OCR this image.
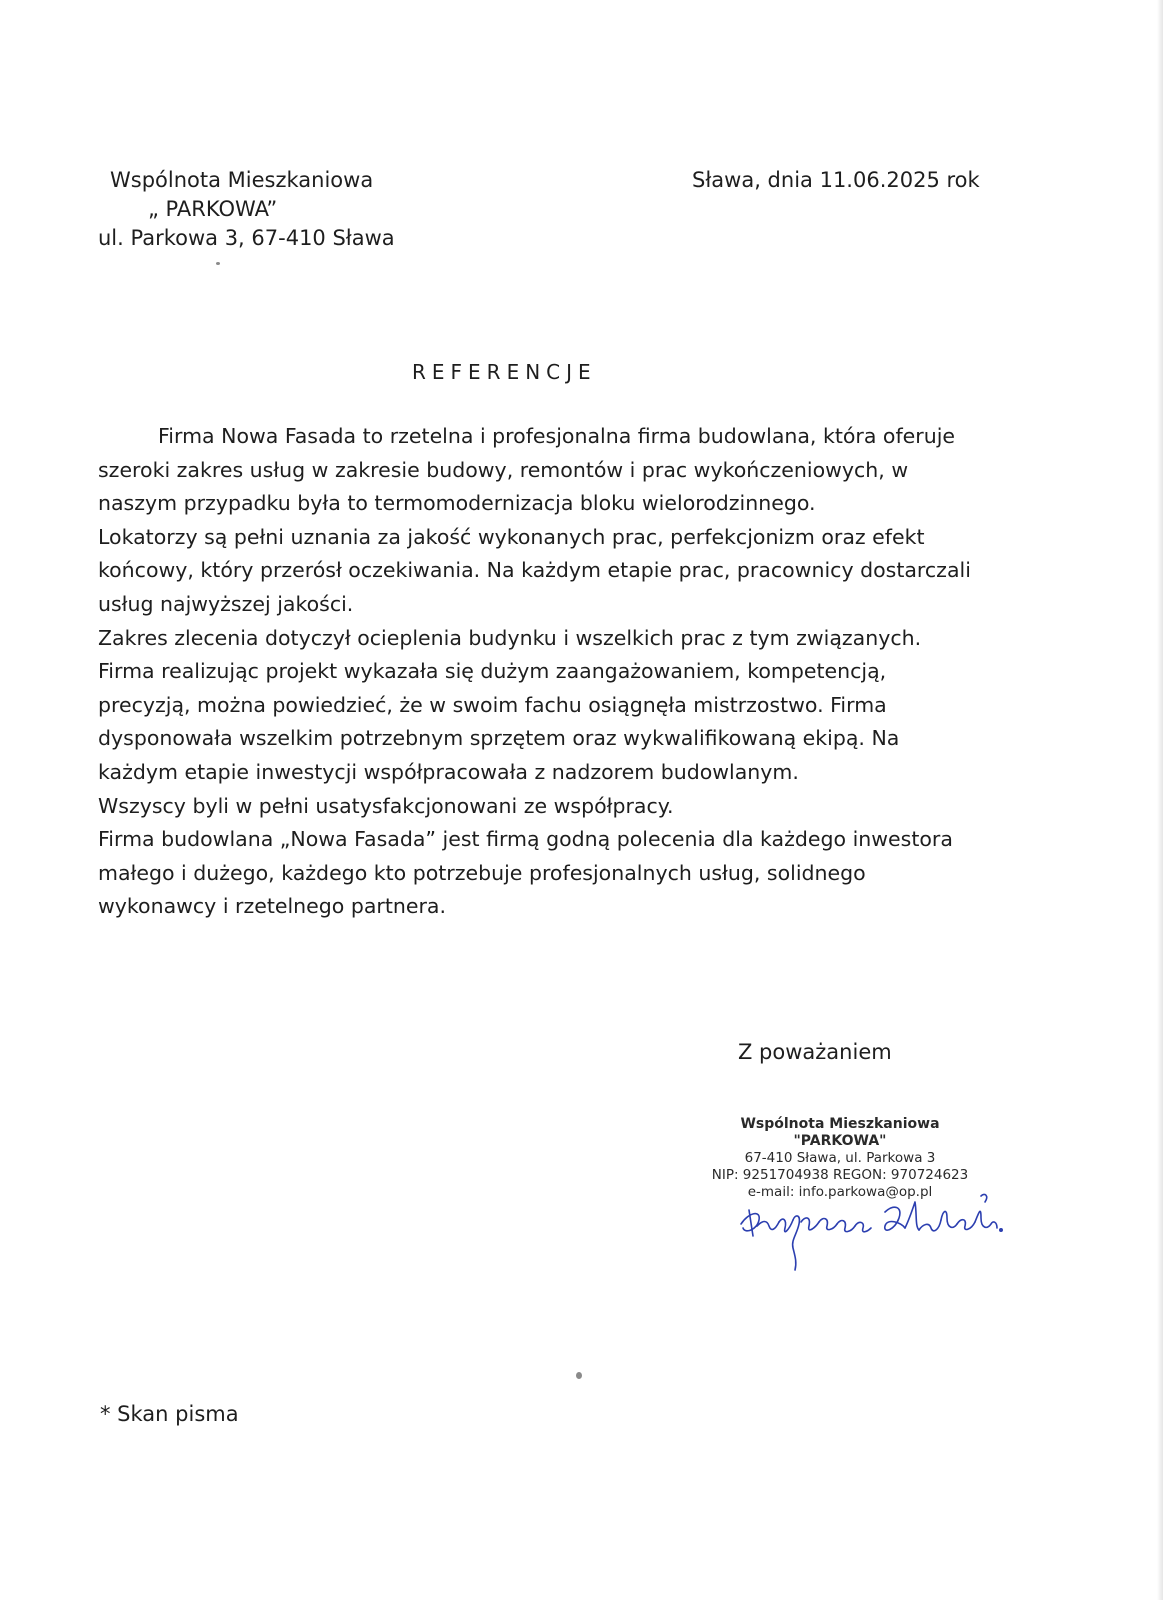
Wspólnota Mieszkaniowa
„ PARKOWA”
ul. Parkowa 3, 67-410 Sława
Sława, dnia 11.06.2025 rok
REFERENCJE
Firma Nowa Fasada to rzetelna i profesjonalna firma budowlana, która oferuje
szeroki zakres usług w zakresie budowy, remontów i prac wykończeniowych, w
naszym przypadku była to termomodernizacja bloku wielorodzinnego.
Lokatorzy są pełni uznania za jakość wykonanych prac, perfekcjonizm oraz efekt
końcowy, który przerósł oczekiwania. Na każdym etapie prac, pracownicy dostarczali
usług najwyższej jakości.
Zakres zlecenia dotyczył ocieplenia budynku i wszelkich prac z tym związanych.
Firma realizując projekt wykazała się dużym zaangażowaniem, kompetencją,
precyzją, można powiedzieć, że w swoim fachu osiągnęła mistrzostwo. Firma
dysponowała wszelkim potrzebnym sprzętem oraz wykwalifikowaną ekipą. Na
każdym etapie inwestycji współpracowała z nadzorem budowlanym.
Wszyscy byli w pełni usatysfakcjonowani ze współpracy.
Firma budowlana „Nowa Fasada” jest firmą godną polecenia dla każdego inwestora
małego i dużego, każdego kto potrzebuje profesjonalnych usług, solidnego
wykonawcy i rzetelnego partnera.
Z poważaniem
Wspólnota Mieszkaniowa
"PARKOWA"
67-410 Sława, ul. Parkowa 3
NIP: 9251704938 REGON: 970724623
e-mail: info.parkowa@op.pl
* Skan pisma
